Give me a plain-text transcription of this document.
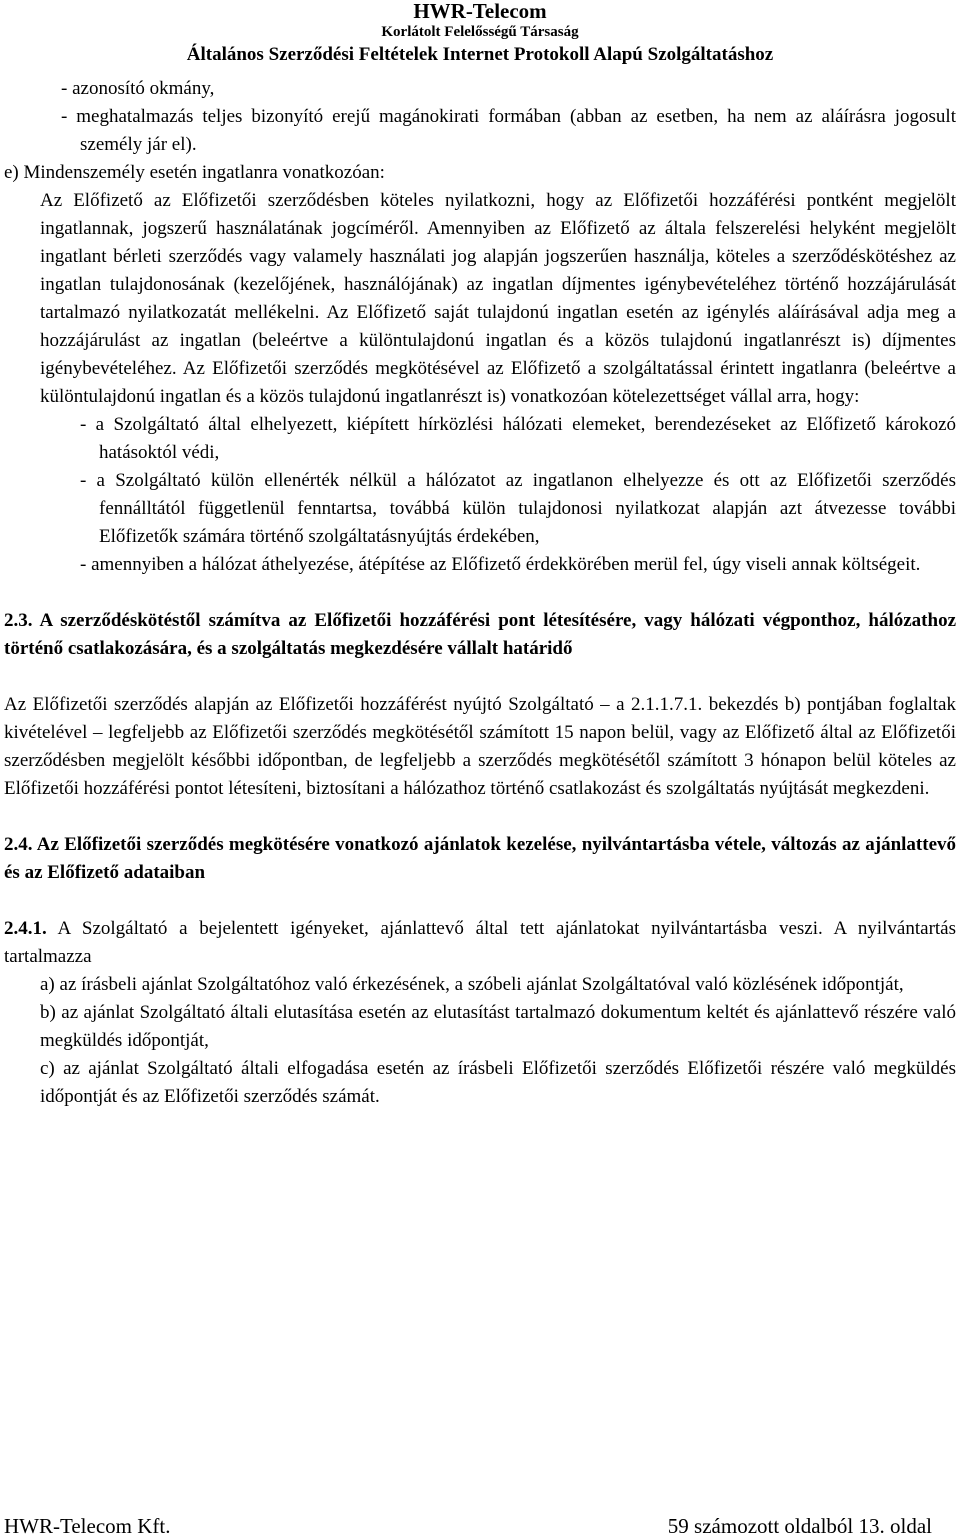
HWR-Telecom
Korlátolt Felelősségű Társaság
Általános Szerződési Feltételek Internet Protokoll Alapú Szolgáltatáshoz

- azonosító okmány,

- meghatalmazás teljes bizonyító erejű magánokirati formában (abban az esetben, ha nem az aláírásra jogosult személy jár el).

e) Mindenszemély esetén ingatlanra vonatkozóan:

Az Előfizető az Előfizetői szerződésben köteles nyilatkozni, hogy az Előfizetői hozzáférési pontként megjelölt ingatlannak, jogszerű használatának jogcíméről. Amennyiben az Előfizető az általa felszerelési helyként megjelölt ingatlant bérleti szerződés vagy valamely használati jog alapján jogszerűen használja, köteles a szerződéskötéshez az ingatlan tulajdonosának (kezelőjének, használójának) az ingatlan díjmentes igénybevételéhez történő hozzájárulását tartalmazó nyilatkozatát mellékelni. Az Előfizető saját tulajdonú ingatlan esetén az igénylés aláírásával adja meg a hozzájárulást az ingatlan (beleértve a különtulajdonú ingatlan és a közös tulajdonú ingatlanrészt is) díjmentes igénybevételéhez. Az Előfizetői szerződés megkötésével az Előfizető a szolgáltatással érintett ingatlanra (beleértve a különtulajdonú ingatlan és a közös tulajdonú ingatlanrészt is) vonatkozóan kötelezettséget vállal arra, hogy:

- a Szolgáltató által elhelyezett, kiépített hírközlési hálózati elemeket, berendezéseket az Előfizető károkozó hatásoktól védi,

- a Szolgáltató külön ellenérték nélkül a hálózatot az ingatlanon elhelyezze és ott az Előfizetői szerződés fennálltától függetlenül fenntartsa, továbbá külön tulajdonosi nyilatkozat alapján azt átvezesse további Előfizetők számára történő szolgáltatásnyújtás érdekében,

- amennyiben a hálózat áthelyezése, átépítése az Előfizető érdekkörében merül fel, úgy viseli annak költségeit.

2.3. A szerződéskötéstől számítva az Előfizetői hozzáférési pont létesítésére, vagy hálózati végponthoz, hálózathoz történő csatlakozására, és a szolgáltatás megkezdésére vállalt határidő

Az Előfizetői szerződés alapján az Előfizetői hozzáférést nyújtó Szolgáltató – a 2.1.1.7.1. bekezdés b) pontjában foglaltak kivételével – legfeljebb az Előfizetői szerződés megkötésétől számított 15 napon belül, vagy az Előfizető által az Előfizetői szerződésben megjelölt későbbi időpontban, de legfeljebb a szerződés megkötésétől számított 3 hónapon belül köteles az Előfizetői hozzáférési pontot létesíteni, biztosítani a hálózathoz történő csatlakozást és szolgáltatás nyújtását megkezdeni.

2.4. Az Előfizetői szerződés megkötésére vonatkozó ajánlatok kezelése, nyilvántartásba vétele, változás az ajánlattevő és az Előfizető adataiban

2.4.1. A Szolgáltató a bejelentett igényeket, ajánlattevő által tett ajánlatokat nyilvántartásba veszi. A nyilvántartás tartalmazza

a) az írásbeli ajánlat Szolgáltatóhoz való érkezésének, a szóbeli ajánlat Szolgáltatóval való közlésének időpontját,

b) az ajánlat Szolgáltató általi elutasítása esetén az elutasítást tartalmazó dokumentum keltét és ajánlattevő részére való megküldés időpontját,

c) az ajánlat Szolgáltató általi elfogadása esetén az írásbeli Előfizetői szerződés Előfizetői részére való megküldés időpontját és az Előfizetői szerződés számát.

HWR-Telecom Kft.	59 számozott oldalból 13. oldal
